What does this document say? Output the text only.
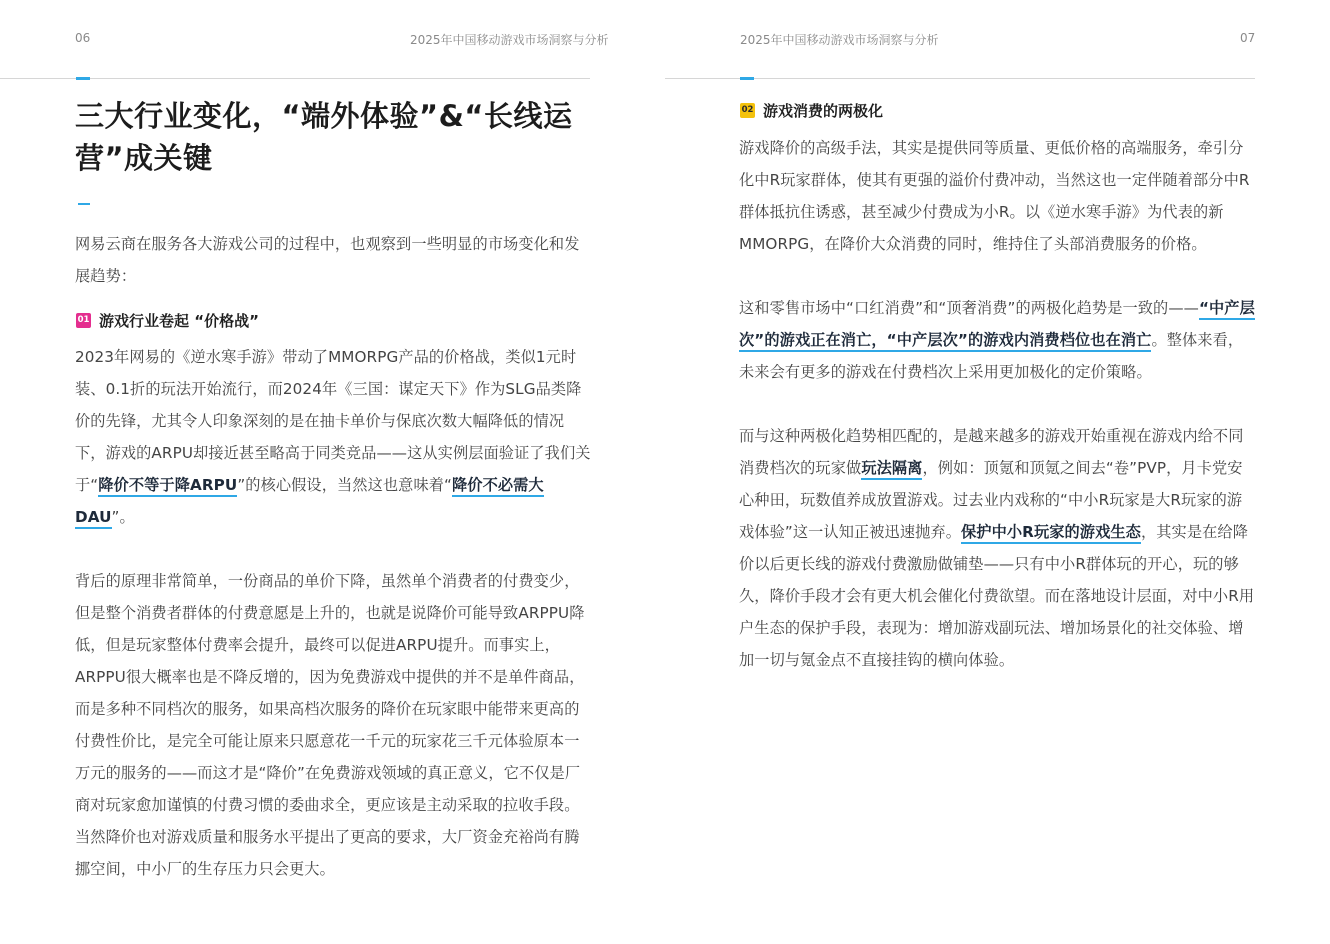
06	2025年中国移动游戏市场洞察与分析
三大行业变化，“端外体验”&“长线运营”成关键

网易云商在服务各大游戏公司的过程中，也观察到一些明显的市场变化和发展趋势：

01 游戏行业卷起 “价格战”

2023年网易的《逆水寒手游》带动了MMORPG产品的价格战，类似1元时装、0.1折的玩法开始流行，而2024年《三国：谋定天下》作为SLG品类降价的先锋，尤其令人印象深刻的是在抽卡单价与保底次数大幅降低的情况下，游戏的ARPU却接近甚至略高于同类竞品——这从实例层面验证了我们关于“降价不等于降ARPU”的核心假设，当然这也意味着“降价不必需大DAU”。

背后的原理非常简单，一份商品的单价下降，虽然单个消费者的付费变少，但是整个消费者群体的付费意愿是上升的，也就是说降价可能导致ARPPU降低，但是玩家整体付费率会提升，最终可以促进ARPU提升。而事实上，ARPPU很大概率也是不降反增的，因为免费游戏中提供的并不是单件商品，而是多种不同档次的服务，如果高档次服务的降价在玩家眼中能带来更高的付费性价比，是完全可能让原来只愿意花一千元的玩家花三千元体验原本一万元的服务的——而这才是“降价”在免费游戏领域的真正意义，它不仅是厂商对玩家愈加谨慎的付费习惯的委曲求全，更应该是主动采取的拉收手段。当然降价也对游戏质量和服务水平提出了更高的要求，大厂资金充裕尚有腾挪空间，中小厂的生存压力只会更大。

2025年中国移动游戏市场洞察与分析	07
02 游戏消费的两极化

游戏降价的高级手法，其实是提供同等质量、更低价格的高端服务，牵引分化中R玩家群体，使其有更强的溢价付费冲动，当然这也一定伴随着部分中R群体抵抗住诱惑，甚至减少付费成为小R。以《逆水寒手游》为代表的新MMORPG，在降价大众消费的同时，维持住了头部消费服务的价格。

这和零售市场中“口红消费”和“顶奢消费”的两极化趋势是一致的——“中产层次”的游戏正在消亡，“中产层次”的游戏内消费档位也在消亡。整体来看，未来会有更多的游戏在付费档次上采用更加极化的定价策略。

而与这种两极化趋势相匹配的，是越来越多的游戏开始重视在游戏内给不同消费档次的玩家做玩法隔离，例如：顶氪和顶氪之间去“卷”PVP，月卡党安心种田，玩数值养成放置游戏。过去业内戏称的“中小R玩家是大R玩家的游戏体验”这一认知正被迅速抛弃。保护中小R玩家的游戏生态，其实是在给降价以后更长线的游戏付费激励做铺垫——只有中小R群体玩的开心，玩的够久，降价手段才会有更大机会催化付费欲望。而在落地设计层面，对中小R用户生态的保护手段，表现为：增加游戏副玩法、增加场景化的社交体验、增加一切与氪金点不直接挂钩的横向体验。
